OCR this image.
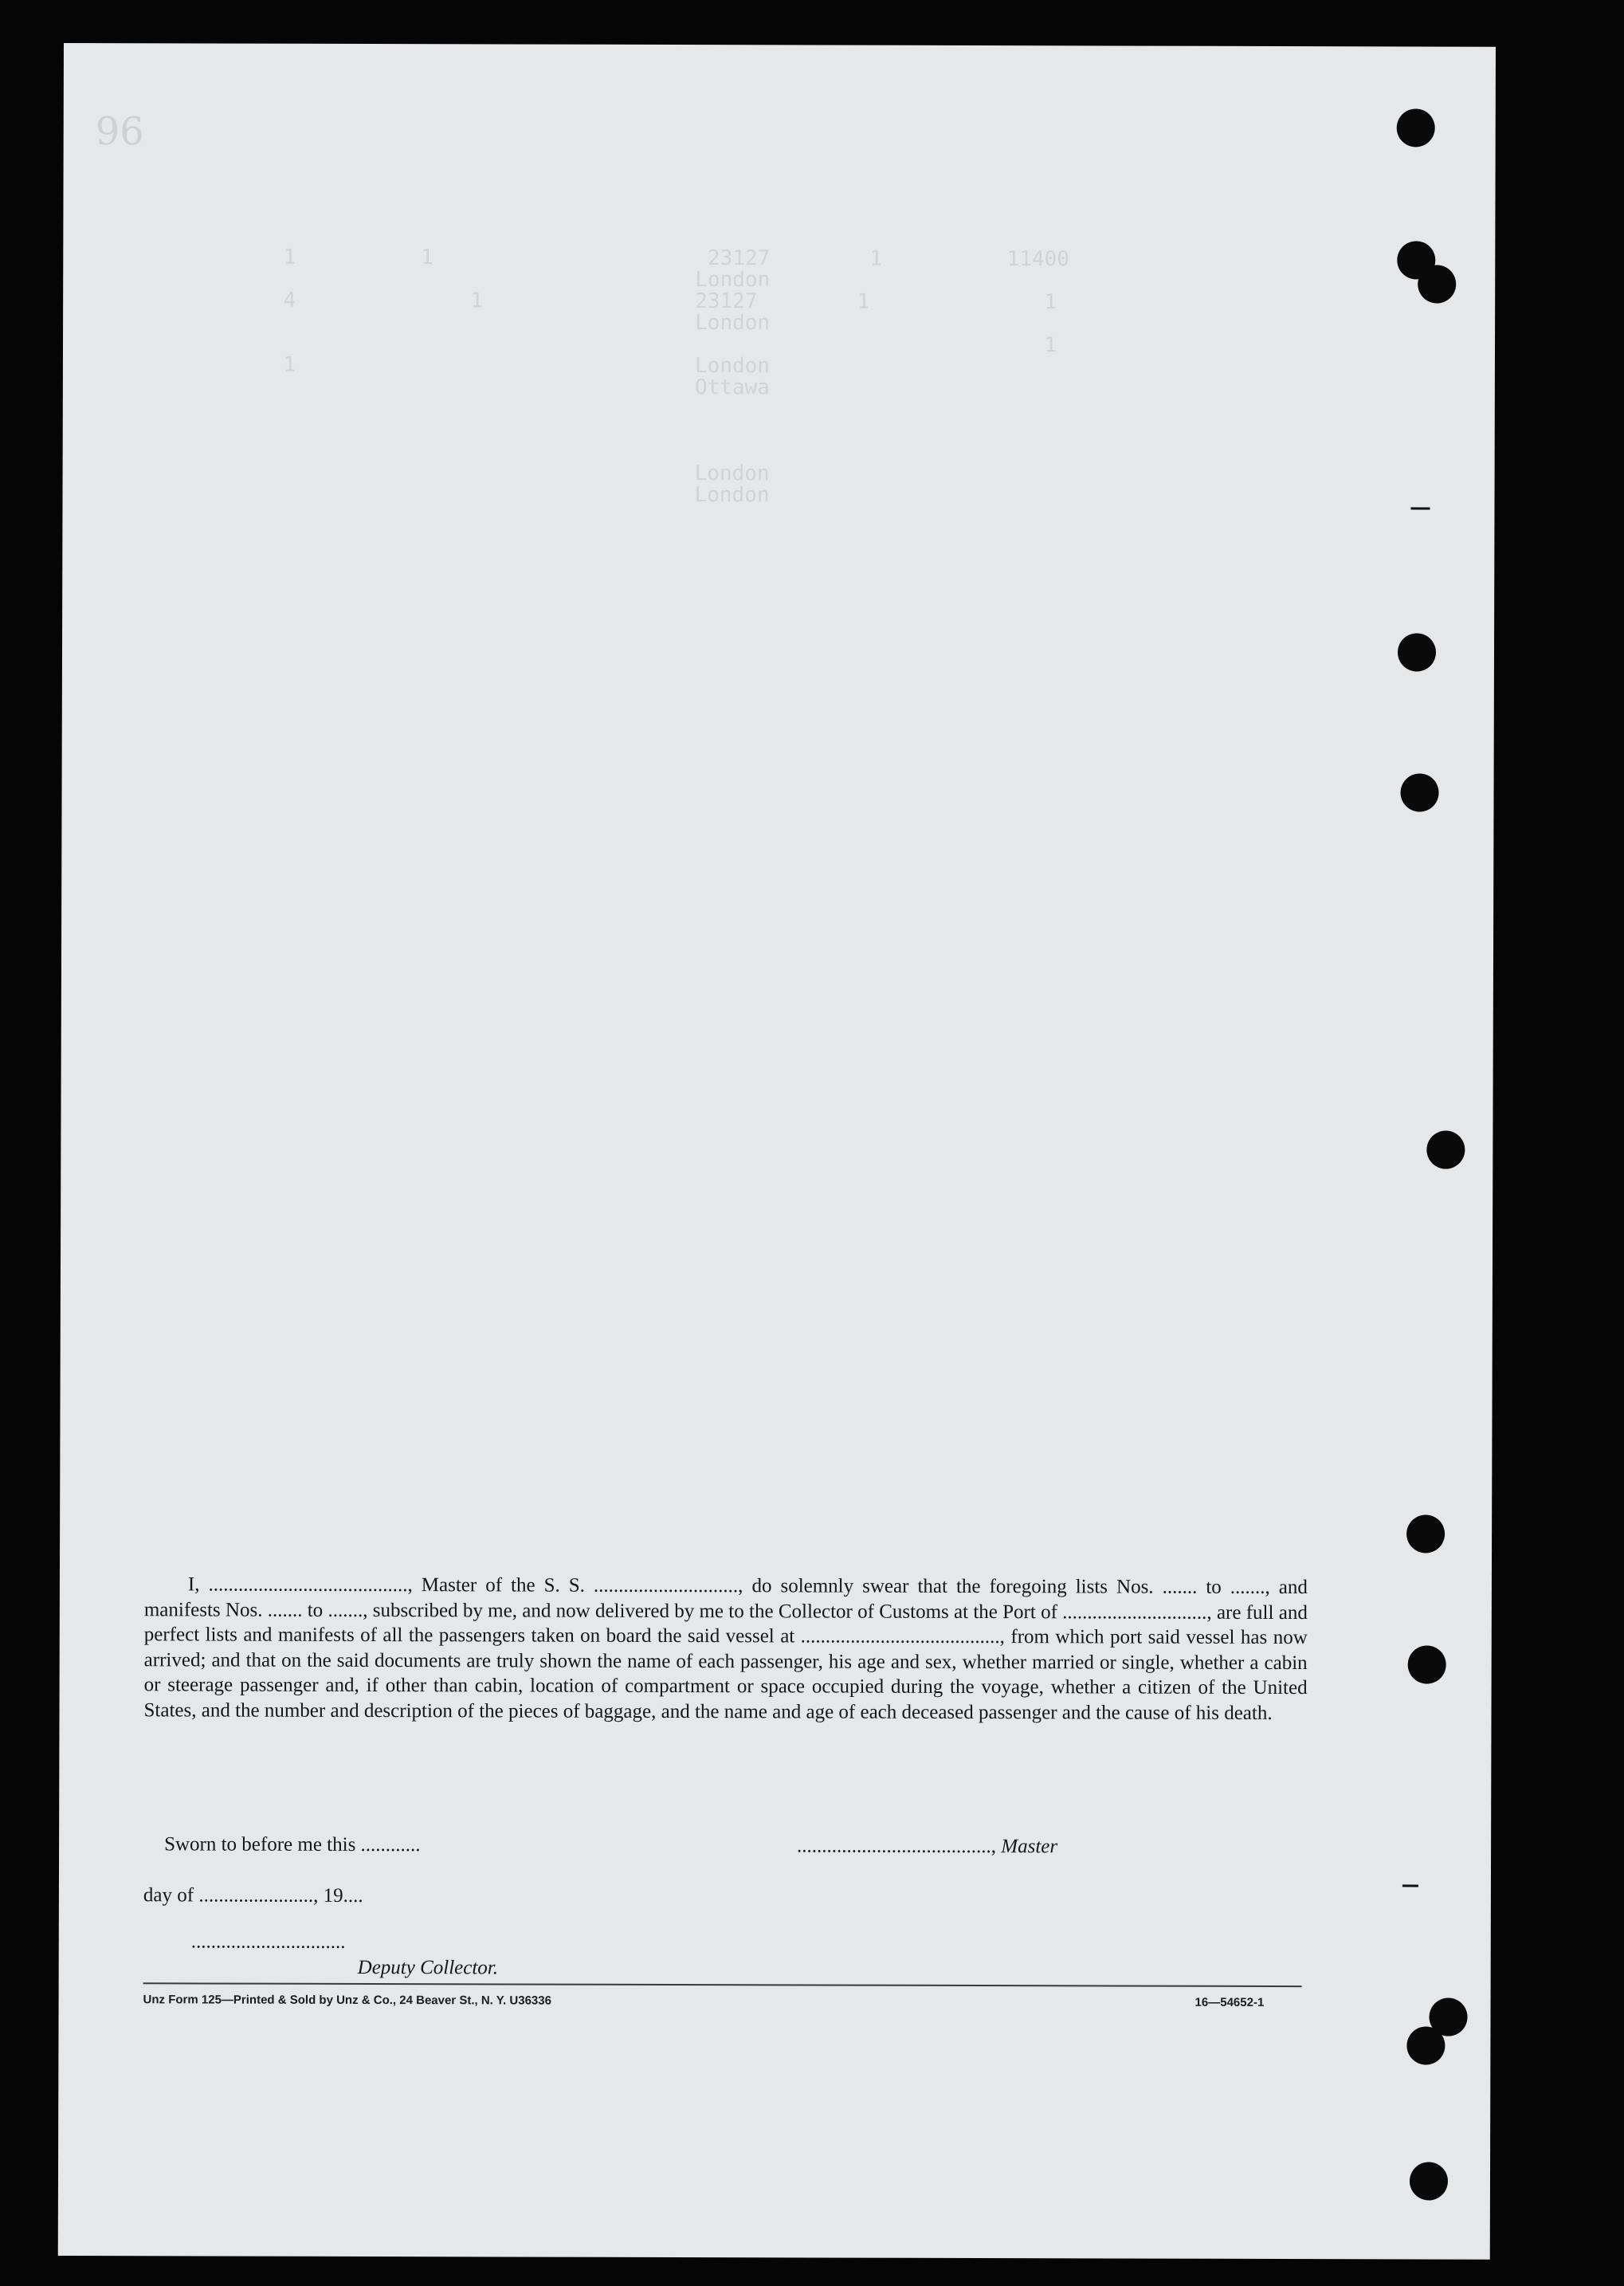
96

1          1                      23127        1          11400
London
4              1                 23127        1              1
London
1
1                                London
Ottawa

London
London

I, ........................................, Master of the S. S. ............................., do solemnly swear that the foregoing lists Nos. ....... to ......., and manifests Nos. ....... to ......., subscribed by me, and now delivered by me to the Collector of Customs at the Port of ............................., are full and perfect lists and manifests of all the passengers taken on board the said vessel at ........................................, from which port said vessel has now arrived; and that on the said documents are truly shown the name of each passenger, his age and sex, whether married or single, whether a cabin or steerage passenger and, if other than cabin, location of compartment or space occupied during the voyage, whether a citizen of the United States, and the number and description of the pieces of baggage, and the name and age of each deceased passenger and the cause of his death.

Sworn to before me this ............	......................................., Master
day of ......................., 19....
...............................
Deputy Collector.
Unz Form 125—Printed & Sold by Unz & Co., 24 Beaver St., N. Y. U36336	16—54652-1
